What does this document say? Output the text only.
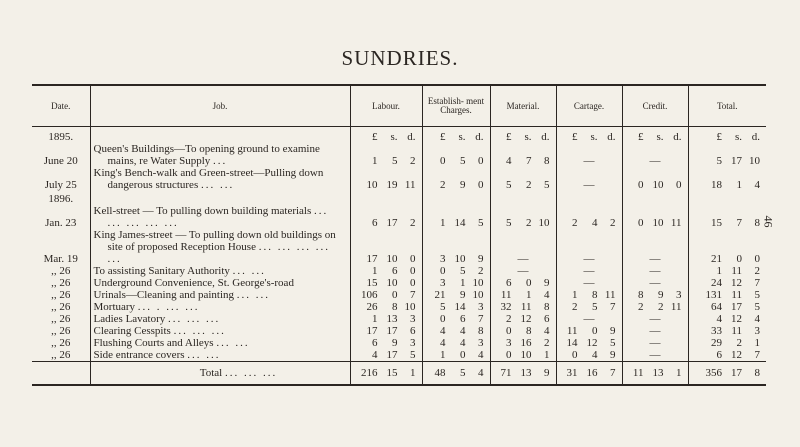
SUNDRIES.
46
Date.	Job.	Labour.	Establish- ment Charges.	Material.	Cartage.	Credit.	Total.
1895.		£ s. d.	£ s. d.	£ s. d.	£ s. d.	£ s. d.	£ s. d.

June 20	Queen's Buildings—To opening ground to examine mains, re Water Supply ...	1 5 2	0 5 0	4 7 8	—	—	5 17 10

July 25	King's Bench-walk and Green-street—Pulling down dangerous structures ... ...	10 19 11	2 9 0	5 2 5	—	0 10 0	18 1 4

1896.							
Jan. 23	Kell-street — To pulling down building materials ... ... ... ... ...	6 17 2	1 14 5	5 2 10	2 4 2	0 10 11	15 7 8

Mar. 19	King James-street — To pulling down old buildings on site of proposed Reception House ... ... ... ... ...	17 10 0	3 10 9	—	—	—	21 0 0

,, 26	To assisting Sanitary Authority ... ...	1 6 0	0 5 2	—	—	—	1 11 2

,, 26	Underground Convenience, St. George's-road	15 10 0	3 1 10	6 0 9	—	—	24 12 7

,, 26	Urinals—Cleaning and painting ... ...	106 0 7	21 9 10	11 1 4	1 8 11	8 9 3	131 11 5

,, 26	Mortuary ... . ... ...	26 8 10	5 14 3	32 11 8	2 5 7	2 2 11	64 17 5

,, 26	Ladies Lavatory ... ... ...	1 13 3	0 6 7	2 12 6	—	—	4 12 4

,, 26	Clearing Cesspits ... ... ...	17 17 6	4 4 8	0 8 4	11 0 9	—	33 11 3

,, 26	Flushing Courts and Alleys ... ...	6 9 3	4 4 3	3 16 2	14 12 5	—	29 2 1

,, 26	Side entrance covers ... ...	4 17 5	1 0 4	0 10 1	0 4 9	—	6 12 7

	Total ... ... ...	216 15 1	48 5 4	71 13 9	31 16 7	11 13 1	356 17 8
